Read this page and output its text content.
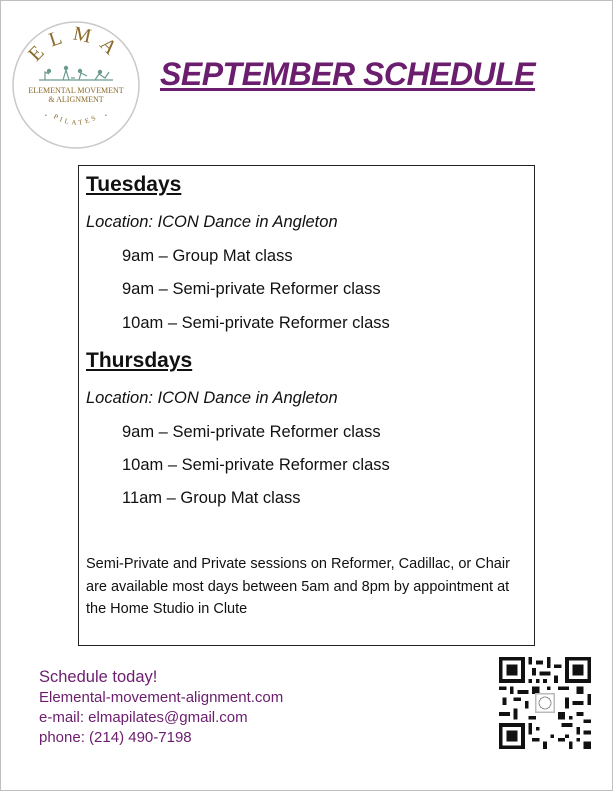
ELMA
ELEMENTAL MOVEMENT
& ALIGNMENT
PILATES
•	•
SEPTEMBER SCHEDULE
Tuesdays
Location: ICON Dance in Angleton
9am – Group Mat class
9am – Semi-private Reformer class
10am – Semi-private Reformer class
Thursdays
Location: ICON Dance in Angleton
9am – Semi-private Reformer class
10am – Semi-private Reformer class
11am – Group Mat class

Semi-Private and Private sessions on Reformer, Cadillac, or Chair are available most days between 5am and 8pm by appointment at the Home Studio in Clute

Schedule today!
Elemental-movement-alignment.com
e-mail: elmapilates@gmail.com
phone: (214) 490-7198
